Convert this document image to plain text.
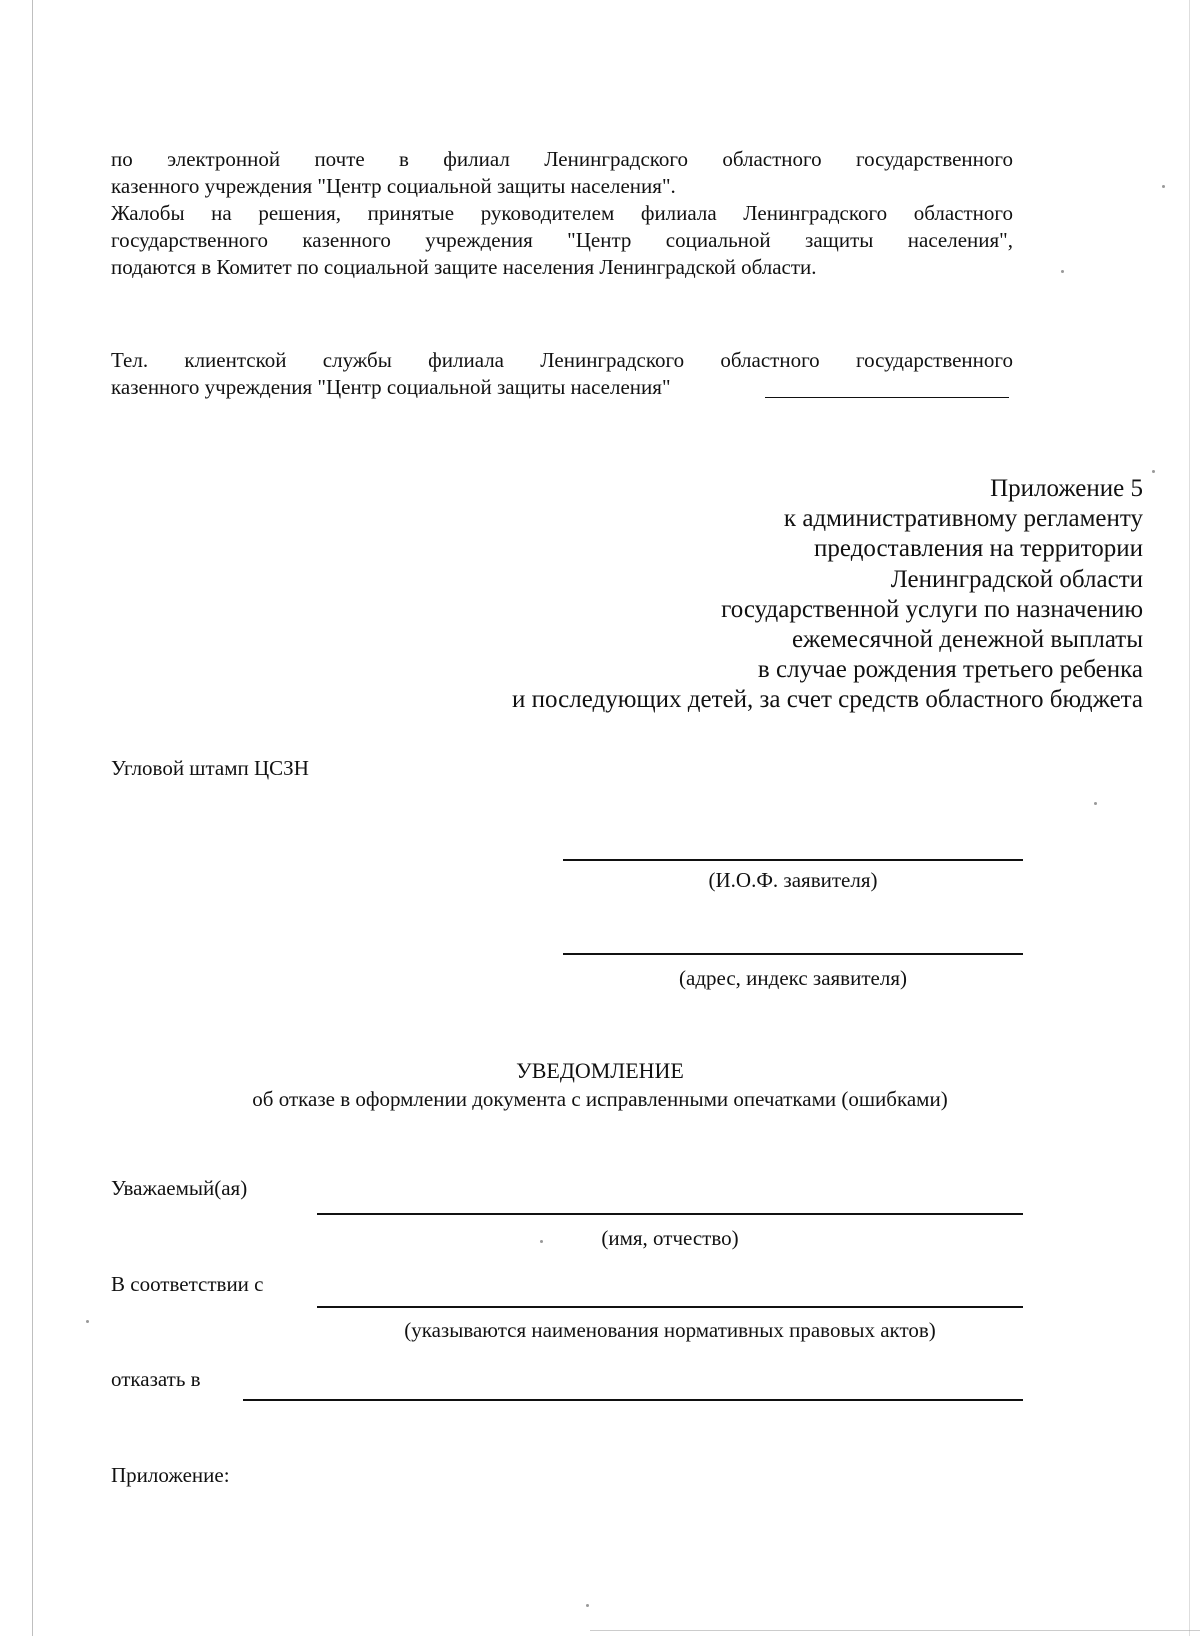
по электронной почте в филиал Ленинградского областного государственного
казенного учреждения "Центр социальной защиты населения".
Жалобы на решения, принятые руководителем филиала Ленинградского областного
государственного казенного учреждения "Центр социальной защиты населения",
подаются в Комитет по социальной защите населения Ленинградской области.
Тел. клиентской службы филиала Ленинградского областного государственного
казенного учреждения "Центр социальной защиты населения"
Приложение 5
к административному регламенту
предоставления на территории
Ленинградской области
государственной услуги по назначению
ежемесячной денежной выплаты
в случае рождения третьего ребенка
и последующих детей, за счет средств областного бюджета
Угловой штамп ЦСЗН
(И.О.Ф. заявителя)
(адрес, индекс заявителя)
УВЕДОМЛЕНИЕ
об отказе в оформлении документа с исправленными опечатками (ошибками)
Уважаемый(ая)
(имя, отчество)
В соответствии с
(указываются наименования нормативных правовых актов)
отказать в
Приложение:
